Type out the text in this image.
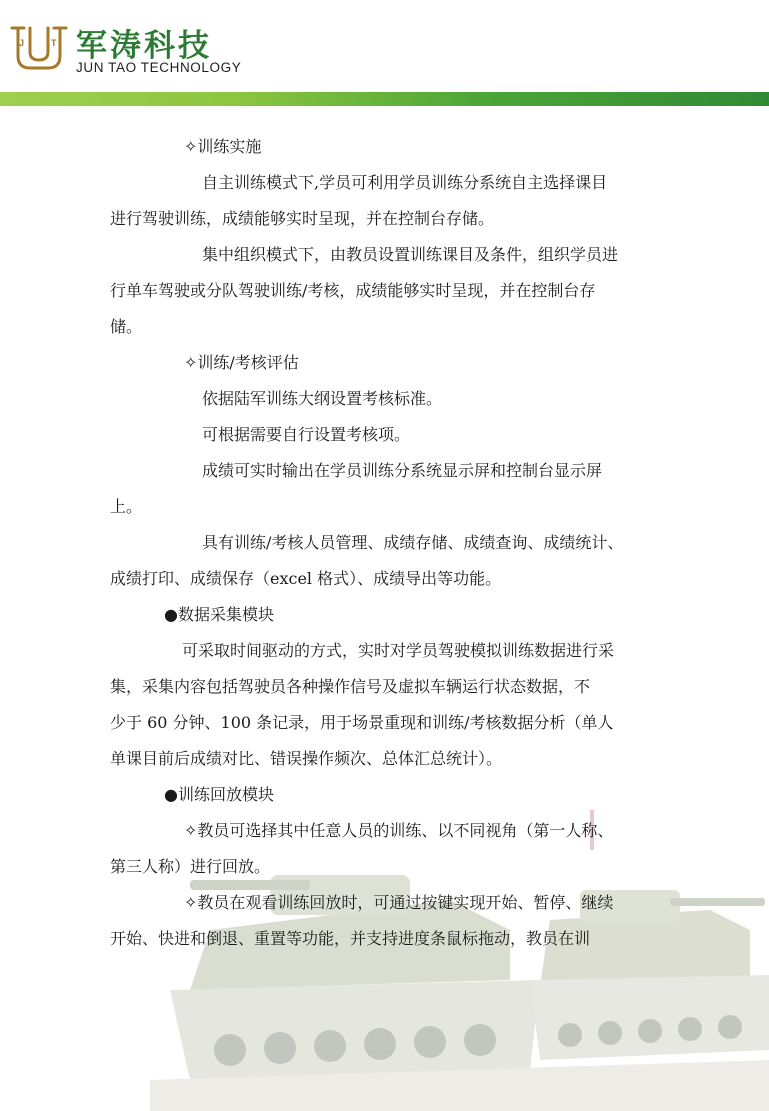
J	T 军涛科技
JUN TAO TECHNOLOGY
✧训练实施
自主训练模式下,学员可利用学员训练分系统自主选择课目
进行驾驶训练，成绩能够实时呈现，并在控制台存储。
集中组织模式下，由教员设置训练课目及条件，组织学员进
行单车驾驶或分队驾驶训练/考核，成绩能够实时呈现，并在控制台存
储。
✧训练/考核评估
依据陆军训练大纲设置考核标准。
可根据需要自行设置考核项。
成绩可实时输出在学员训练分系统显示屏和控制台显示屏
上。
具有训练/考核人员管理、成绩存储、成绩查询、成绩统计、
成绩打印、成绩保存（excel 格式）、成绩导出等功能。
●数据采集模块
可采取时间驱动的方式，实时对学员驾驶模拟训练数据进行采
集，采集内容包括驾驶员各种操作信号及虚拟车辆运行状态数据，不
少于 60 分钟、100 条记录，用于场景重现和训练/考核数据分析（单人
单课目前后成绩对比、错误操作频次、总体汇总统计）。
●训练回放模块
✧教员可选择其中任意人员的训练、以不同视角（第一人称、
第三人称）进行回放。
✧教员在观看训练回放时，可通过按键实现开始、暂停、继续
开始、快进和倒退、重置等功能，并支持进度条鼠标拖动，教员在训
